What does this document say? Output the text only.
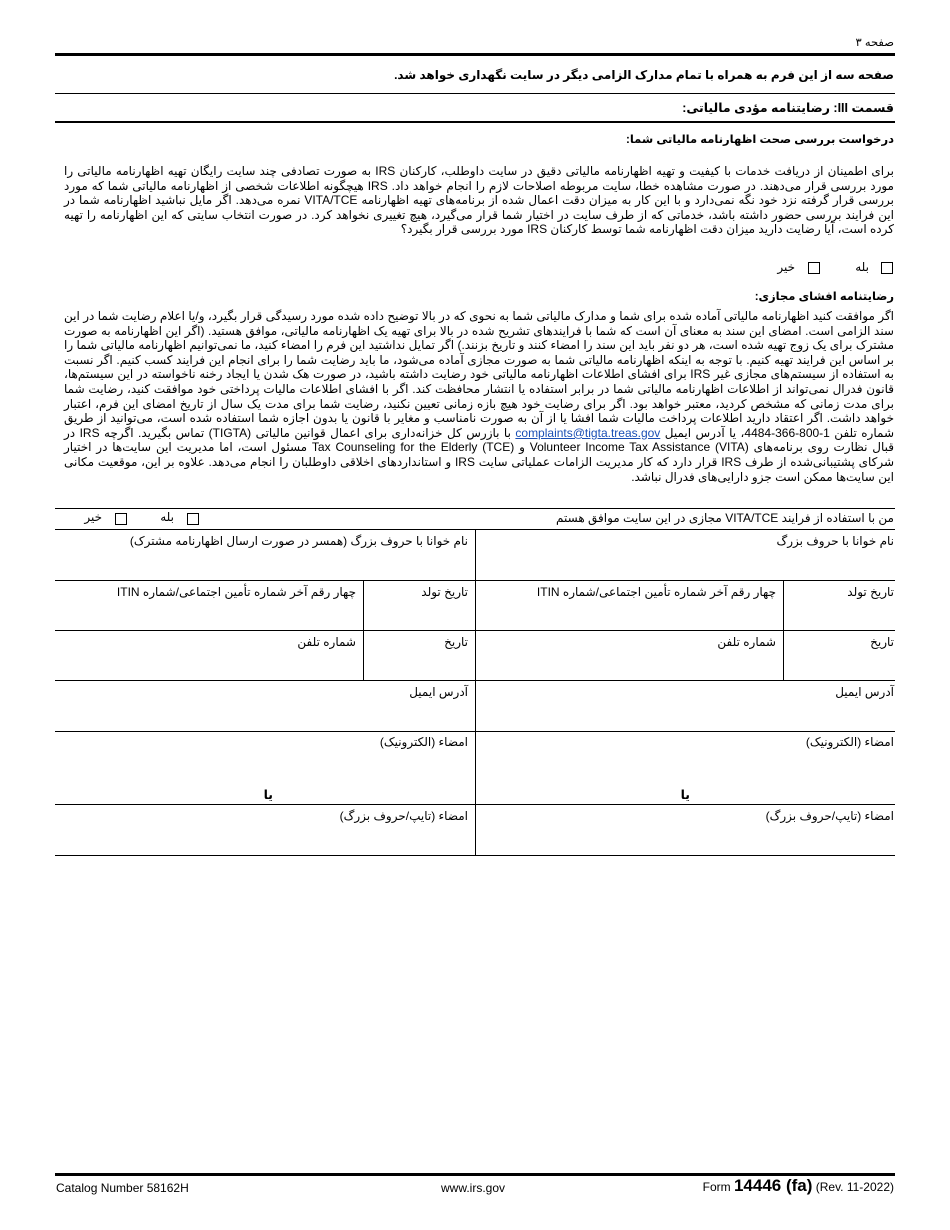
صفحه ۳
صفحه سه از این فرم به همراه با تمام مدارک الزامی دیگر در سایت نگهداری خواهد شد.
قسمت III: رضایتنامه مؤدی مالیاتی:
درخواست بررسی صحت اظهارنامه مالیاتی شما:
برای اطمینان از دریافت خدمات با کیفیت و تهیه اظهارنامه مالیاتی دقیق در سایت داوطلب، کارکنان IRS به صورت تصادفی چند سایت رایگان تهیه اظهارنامه مالیاتی را مورد بررسی قرار می‌دهند. در صورت مشاهده خطا، سایت مربوطه اصلاحات لازم را انجام خواهد داد. IRS هیچگونه اطلاعات شخصی از اظهارنامه مالیاتی شما که مورد بررسی قرار گرفته نزد خود نگه نمی‌دارد و با این کار به میزان دقت اعمال شده از برنامه‌های تهیه اظهارنامه VITA/TCE نمره می‌دهد. اگر مایل نباشید اظهارنامه شما در این فرایند بررسی حضور داشته باشد، خدماتی که از طرف سایت در اختیار شما قرار می‌گیرد، هیچ تغییری نخواهد کرد. در صورت انتخاب سایتی که این اظهارنامه را تهیه کرده است، آیا رضایت دارید میزان دقت اظهارنامه شما توسط کارکنان IRS مورد بررسی قرار بگیرد؟
بله
خیر
رضایتنامه افشای مجازی:
اگر موافقت کنید اظهارنامه مالیاتی آماده شده برای شما و مدارک مالیاتی شما به نحوی که در بالا توضیح داده شده مورد رسیدگی قرار بگیرد، و/یا اعلام رضایت شما در این سند الزامی است. امضای این سند به معنای آن است که شما با فرایندهای تشریح شده در بالا برای تهیه یک اظهارنامه مالیاتی، موافق هستید. (اگر این اظهارنامه به صورت مشترک برای یک زوج تهیه شده است، هر دو نفر باید این سند را امضاء کنند و تاریخ بزنند.) اگر تمایل نداشتید این فرم را امضاء کنید، ما نمی‌توانیم اظهارنامه مالیاتی شما را بر اساس این فرایند تهیه کنیم. با توجه به اینکه اظهارنامه مالیاتی شما به صورت مجازی آماده می‌شود، ما باید رضایت شما را برای انجام این فرایند کسب کنیم. اگر نسبت به استفاده از سیستم‌های مجازی غیر IRS برای افشای اطلاعات اظهارنامه مالیاتی خود رضایت داشته باشید، در صورت هک شدن یا ایجاد رخنه ناخواسته در این سیستم‌ها، قانون فدرال نمی‌تواند از اطلاعات اظهارنامه مالیاتی شما در برابر استفاده یا انتشار محافظت کند. اگر با افشای اطلاعات مالیات پرداختی خود موافقت کنید، رضایت شما برای مدت زمانی که مشخص کردید، معتبر خواهد بود. اگر برای رضایت خود هیچ بازه زمانی تعیین نکنید، رضایت شما برای مدت یک سال از تاریخ امضای این فرم، اعتبار خواهد داشت. اگر اعتقاد دارید اطلاعات پرداخت مالیات شما افشا یا از آن به صورت نامناسب و مغایر با قانون یا بدون اجازه شما استفاده شده است، می‌توانید از طریق شماره تلفن 1-800-366-4484، یا آدرس ایمیل complaints@tigta.treas.gov با بازرس کل خزانه‌داری برای اعمال قوانین مالیاتی (TIGTA) تماس بگیرید. اگرچه IRS در قبال نظارت روی برنامه‌های Volunteer Income Tax Assistance (VITA) و Tax Counseling for the Elderly (TCE) مسئول است، اما مدیریت این سایت‌ها در اختیار شرکای پشتیبانی‌شده از طرف IRS قرار دارد که کار مدیریت الزامات عملیاتی سایت IRS و استانداردهای اخلاقی داوطلبان را انجام می‌دهد. علاوه بر این، موقعیت مکانی این سایت‌ها ممکن است جزو دارایی‌های فدرال نباشد.
من با استفاده از فرایند VITA/TCE مجازی در این سایت موافق هستم
بله
خیر
نام خوانا با حروف بزرگ
نام خوانا با حروف بزرگ (همسر در صورت ارسال اظهارنامه مشترک)
تاریخ تولد
چهار رقم آخر شماره تأمین اجتماعی/شماره ITIN
تاریخ تولد
چهار رقم آخر شماره تأمین اجتماعی/شماره ITIN
تاریخ
شماره تلفن
تاریخ
شماره تلفن
آدرس ایمیل
آدرس ایمیل
امضاء (الکترونیک)
یا
امضاء (الکترونیک)
یا
امضاء (تایپ/حروف بزرگ)
امضاء (تایپ/حروف بزرگ)
Catalog Number 58162H	www.irs.gov	Form 14446 (fa) (Rev. 11-2022)
